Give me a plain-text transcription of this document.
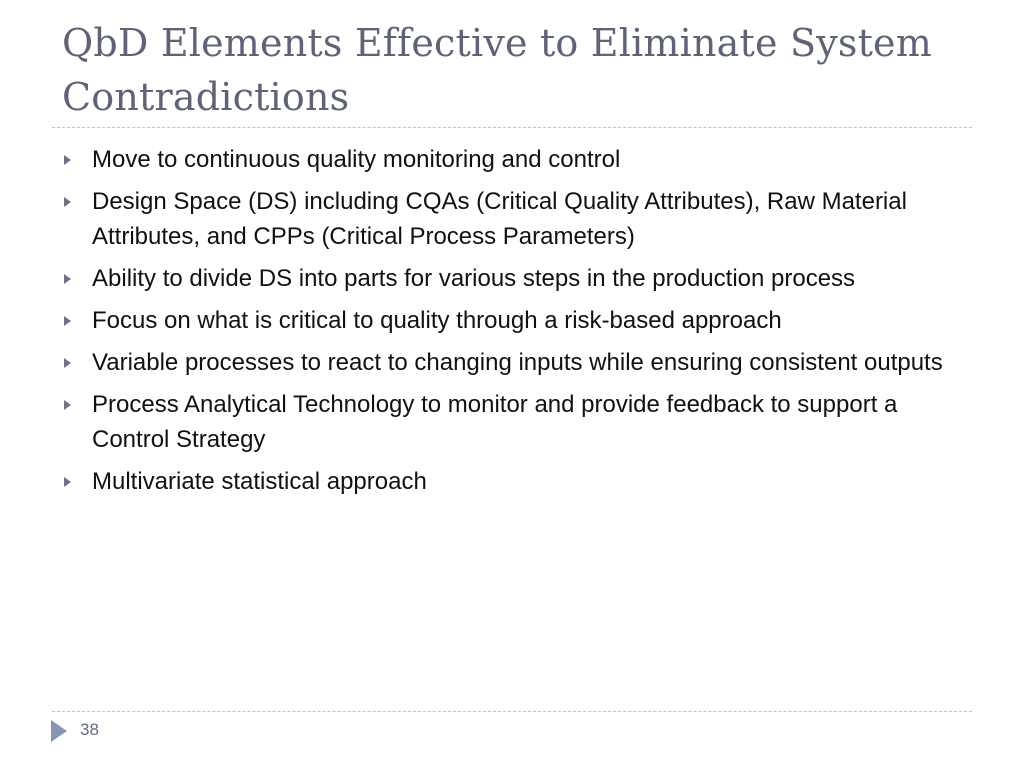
QbD Elements Effective to Eliminate System Contradictions
Move to continuous quality monitoring and control
Design Space (DS) including CQAs (Critical Quality Attributes), Raw Material Attributes, and CPPs (Critical Process Parameters)
Ability to divide DS into parts for various steps in the production process
Focus on what is critical to quality through a risk-based approach
Variable processes to react to changing inputs while ensuring consistent outputs
Process Analytical Technology to monitor and provide feedback to support a Control Strategy
Multivariate statistical approach
38
